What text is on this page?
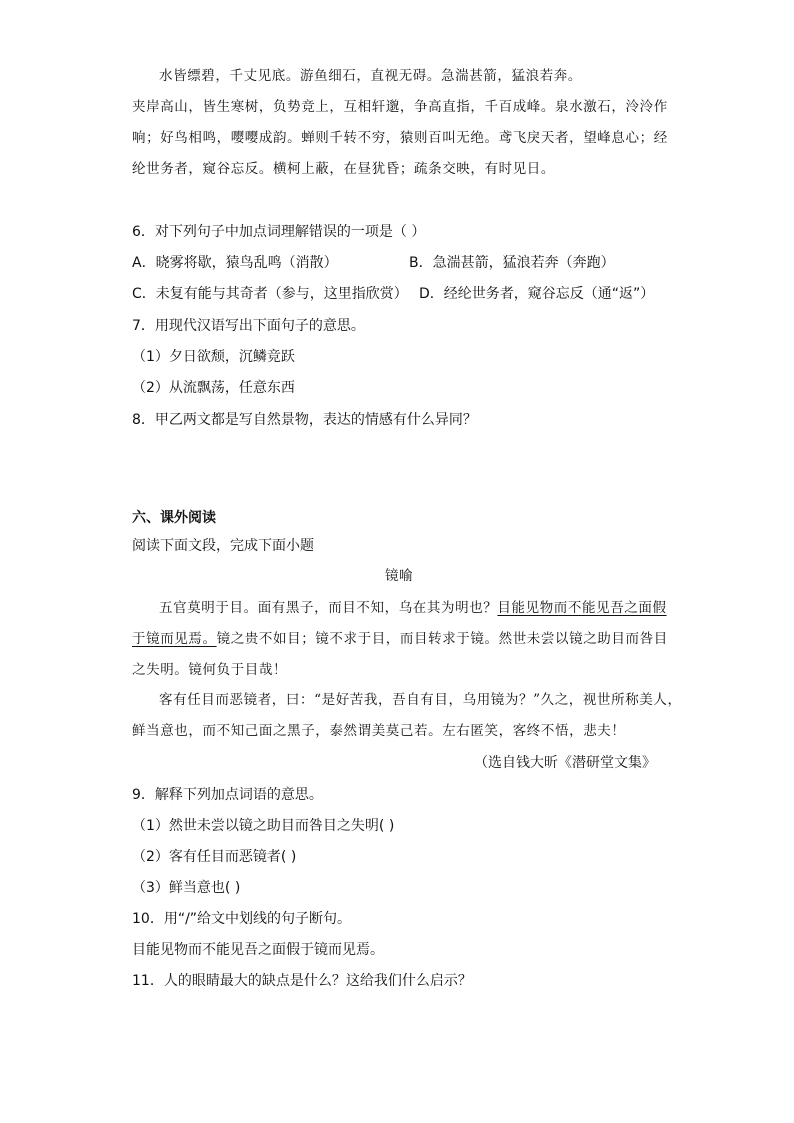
水皆缥碧，千丈见底。游鱼细石，直视无碍。急湍甚箭，猛浪若奔。
夹岸高山，皆生寒树，负势竞上，互相轩邈，争高直指，千百成峰。泉水激石，泠泠作
响；好鸟相鸣，嘤嘤成韵。蝉则千转不穷，猿则百叫无绝。鸢飞戾天者，望峰息心；经
纶世务者，窥谷忘反。横柯上蔽，在昼犹昏；疏条交映，有时见日。
6．对下列句子中加点词理解错误的一项是（ ）
A．晓雾将歇，猿鸟乱鸣（消散）	B．急湍甚箭，猛浪若奔（奔跑）
C．未复有能与其奇者（参与，这里指欣赏） D．经纶世务者，窥谷忘反（通“返”）
7．用现代汉语写出下面句子的意思。
（1）夕日欲颓，沉鳞竞跃
（2）从流飘荡，任意东西
8．甲乙两文都是写自然景物，表达的情感有什么异同？
六、课外阅读
阅读下面文段，完成下面小题
镜喻
五官莫明于目。面有黑子，而目不知，乌在其为明也？目能见物而不能见吾之面假
于镜而见焉。镜之贵不如目；镜不求于目，而目转求于镜。然世未尝以镜之助目而咎目
之失明。镜何负于目哉！
客有任目而恶镜者，曰：“是好苦我，吾自有目，乌用镜为？”久之，视世所称美人，
鲜当意也，而不知己面之黑子，泰然谓美莫己若。左右匿笑，客终不悟，悲夫！
（选自钱大昕《潜研堂文集》
9．解释下列加点词语的意思。
（1）然世未尝以镜之助目而咎目之失明( )
（2）客有任目而恶镜者( )
（3）鲜当意也( )
10．用“/”给文中划线的句子断句。
目能见物而不能见吾之面假于镜而见焉。
11．人的眼睛最大的缺点是什么？这给我们什么启示？
